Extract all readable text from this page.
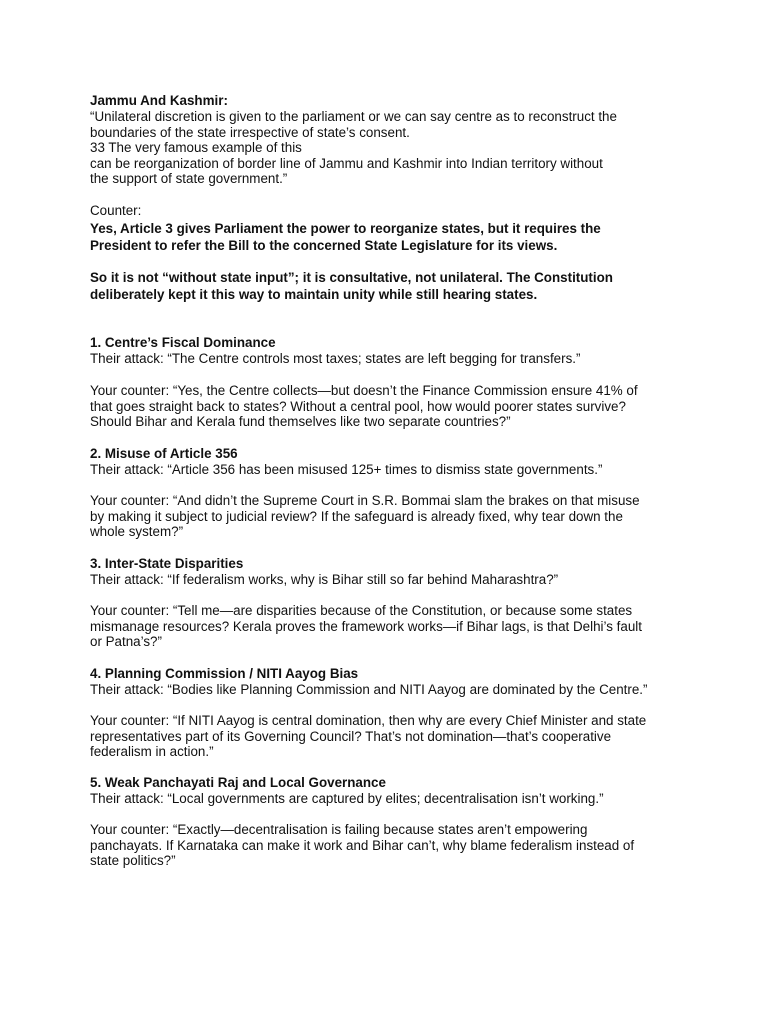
Jammu And Kashmir:
“Unilateral discretion is given to the parliament or we can say centre as to reconstruct the
boundaries of the state irrespective of state’s consent.
33 The very famous example of this
can be reorganization of border line of Jammu and Kashmir into Indian territory without
the support of state government.”
Counter:
Yes, Article 3 gives Parliament the power to reorganize states, but it requires the
President to refer the Bill to the concerned State Legislature for its views.
So it is not “without state input”; it is consultative, not unilateral. The Constitution
deliberately kept it this way to maintain unity while still hearing states.
1. Centre’s Fiscal Dominance
Their attack: “The Centre controls most taxes; states are left begging for transfers.”
Your counter: “Yes, the Centre collects—but doesn’t the Finance Commission ensure 41% of
that goes straight back to states? Without a central pool, how would poorer states survive?
Should Bihar and Kerala fund themselves like two separate countries?”
2. Misuse of Article 356
Their attack: “Article 356 has been misused 125+ times to dismiss state governments.”
Your counter: “And didn’t the Supreme Court in S.R. Bommai slam the brakes on that misuse
by making it subject to judicial review? If the safeguard is already fixed, why tear down the
whole system?”
3. Inter-State Disparities
Their attack: “If federalism works, why is Bihar still so far behind Maharashtra?”
Your counter: “Tell me—are disparities because of the Constitution, or because some states
mismanage resources? Kerala proves the framework works—if Bihar lags, is that Delhi’s fault
or Patna’s?”
4. Planning Commission / NITI Aayog Bias
Their attack: “Bodies like Planning Commission and NITI Aayog are dominated by the Centre.”
Your counter: “If NITI Aayog is central domination, then why are every Chief Minister and state
representatives part of its Governing Council? That’s not domination—that’s cooperative
federalism in action.”
5. Weak Panchayati Raj and Local Governance
Their attack: “Local governments are captured by elites; decentralisation isn’t working.”
Your counter: “Exactly—decentralisation is failing because states aren’t empowering
panchayats. If Karnataka can make it work and Bihar can’t, why blame federalism instead of
state politics?”
